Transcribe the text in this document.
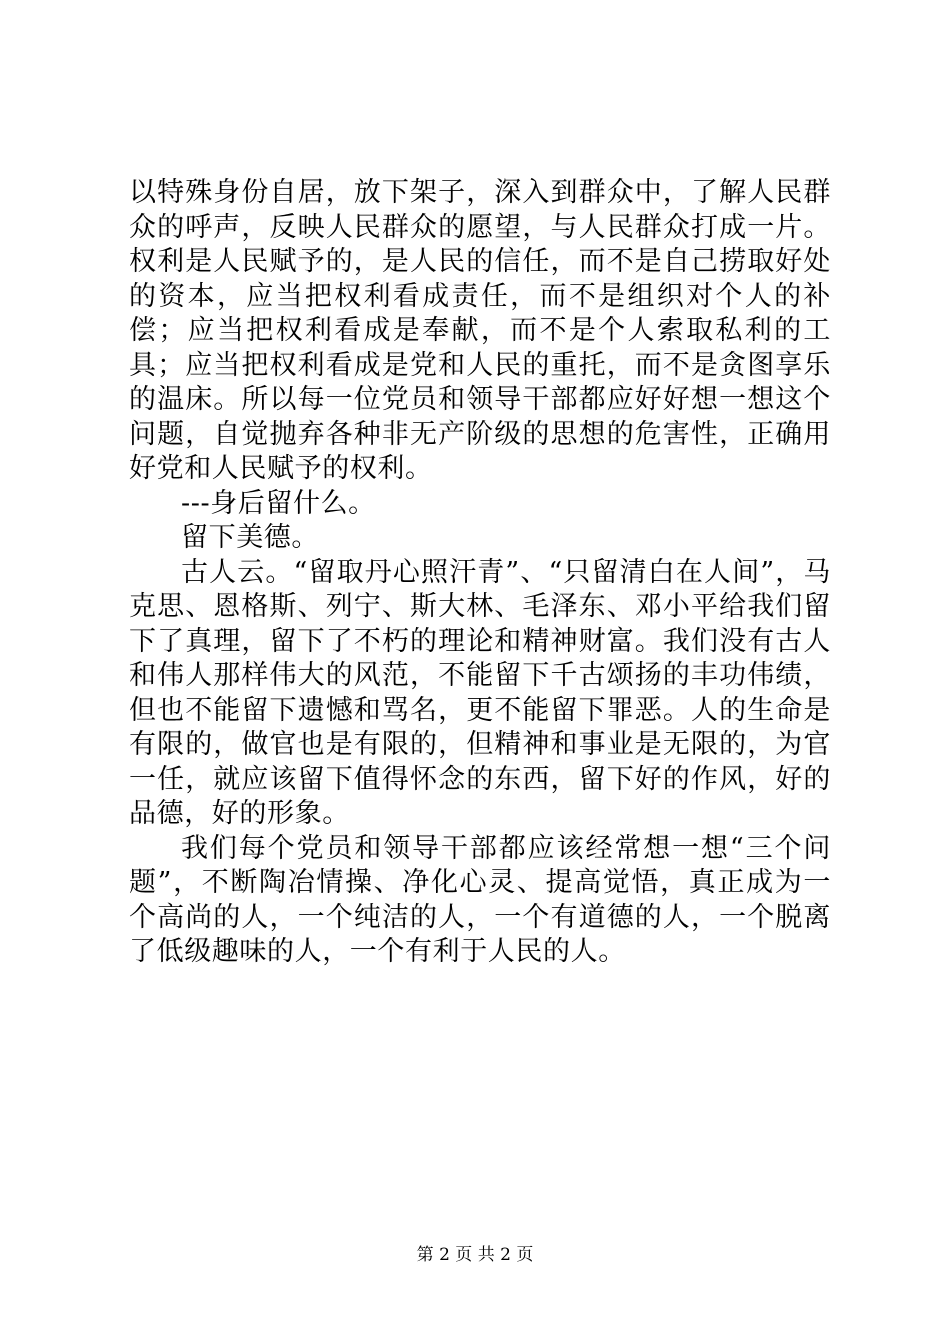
以特殊身份自居，放下架子，深入到群众中，了解人民群众的呼声，反映人民群众的愿望，与人民群众打成一片。权利是人民赋予的，是人民的信任，而不是自己捞取好处的资本，应当把权利看成责任，而不是组织对个人的补偿；应当把权利看成是奉献，而不是个人索取私利的工具；应当把权利看成是党和人民的重托，而不是贪图享乐的温床。所以每一位党员和领导干部都应好好想一想这个问题，自觉抛弃各种非无产阶级的思想的危害性，正确用好党和人民赋予的权利。

---身后留什么。

留下美德。

古人云。“留取丹心照汗青”、“只留清白在人间”，马克思、恩格斯、列宁、斯大林、毛泽东、邓小平给我们留下了真理，留下了不朽的理论和精神财富。我们没有古人和伟人那样伟大的风范，不能留下千古颂扬的丰功伟绩，但也不能留下遗憾和骂名，更不能留下罪恶。人的生命是有限的，做官也是有限的，但精神和事业是无限的，为官一任，就应该留下值得怀念的东西，留下好的作风，好的品德，好的形象。

我们每个党员和领导干部都应该经常想一想“三个问题”，不断陶冶情操、净化心灵、提高觉悟，真正成为一个高尚的人，一个纯洁的人，一个有道德的人，一个脱离了低级趣味的人，一个有利于人民的人。

第 2 页 共 2 页
